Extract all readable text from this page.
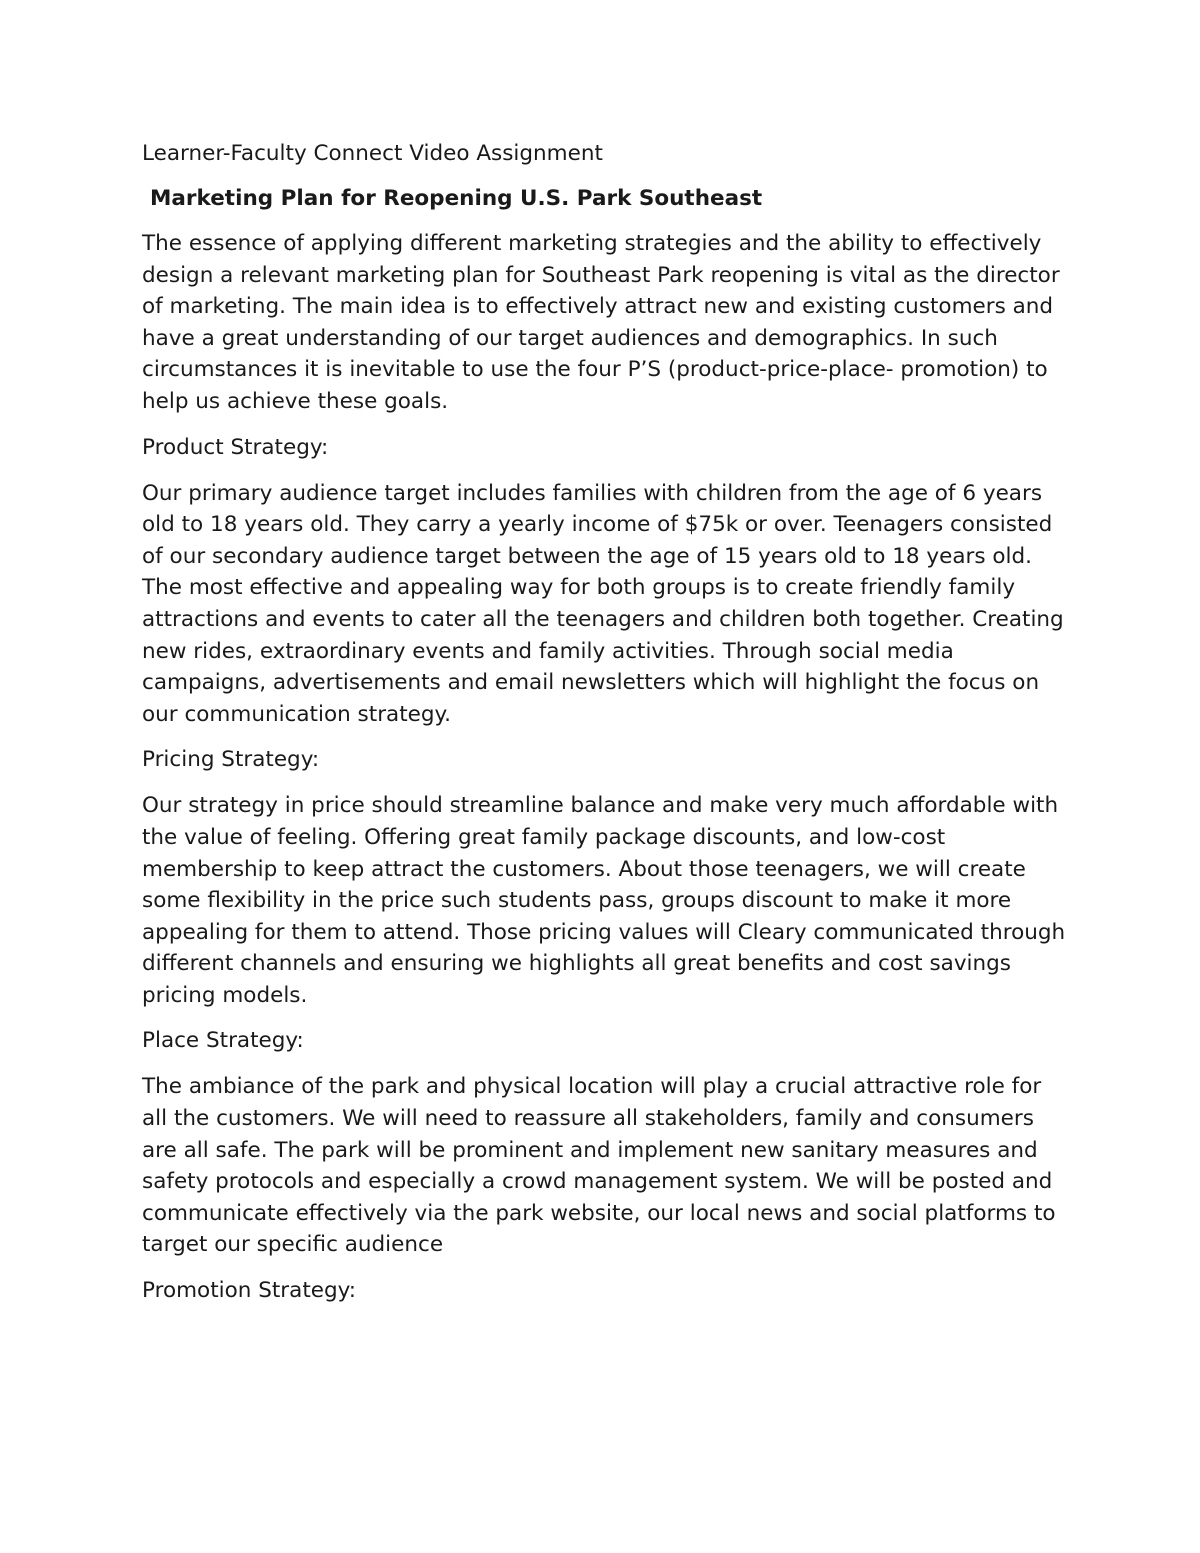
Learner-Faculty Connect Video Assignment

Marketing Plan for Reopening U.S. Park Southeast

The essence of applying different marketing strategies and the ability to effectively design a relevant marketing plan for Southeast Park reopening is vital as the director of marketing. The main idea is to effectively attract new and existing customers and have a great understanding of our target audiences and demographics. In such circumstances it is inevitable to use the four P’S (product-price-place- promotion) to help us achieve these goals.

Product Strategy:

Our primary audience target includes families with children from the age of 6 years old to 18 years old. They carry a yearly income of $75k or over. Teenagers consisted of our secondary audience target between the age of 15 years old to 18 years old. The most effective and appealing way for both groups is to create friendly family attractions and events to cater all the teenagers and children both together. Creating new rides, extraordinary events and family activities. Through social media campaigns, advertisements and email newsletters which will highlight the focus on our communication strategy.

Pricing Strategy:

Our strategy in price should streamline balance and make very much affordable with the value of feeling. Offering great family package discounts, and low-cost membership to keep attract the customers. About those teenagers, we will create some flexibility in the price such students pass, groups discount to make it more appealing for them to attend. Those pricing values will Cleary communicated through different channels and ensuring we highlights all great benefits and cost savings pricing models.

Place Strategy:

The ambiance of the park and physical location will play a crucial attractive role for all the customers. We will need to reassure all stakeholders, family and consumers are all safe. The park will be prominent and implement new sanitary measures and safety protocols and especially a crowd management system. We will be posted and communicate effectively via the park website, our local news and social platforms to target our specific audience

Promotion Strategy:
